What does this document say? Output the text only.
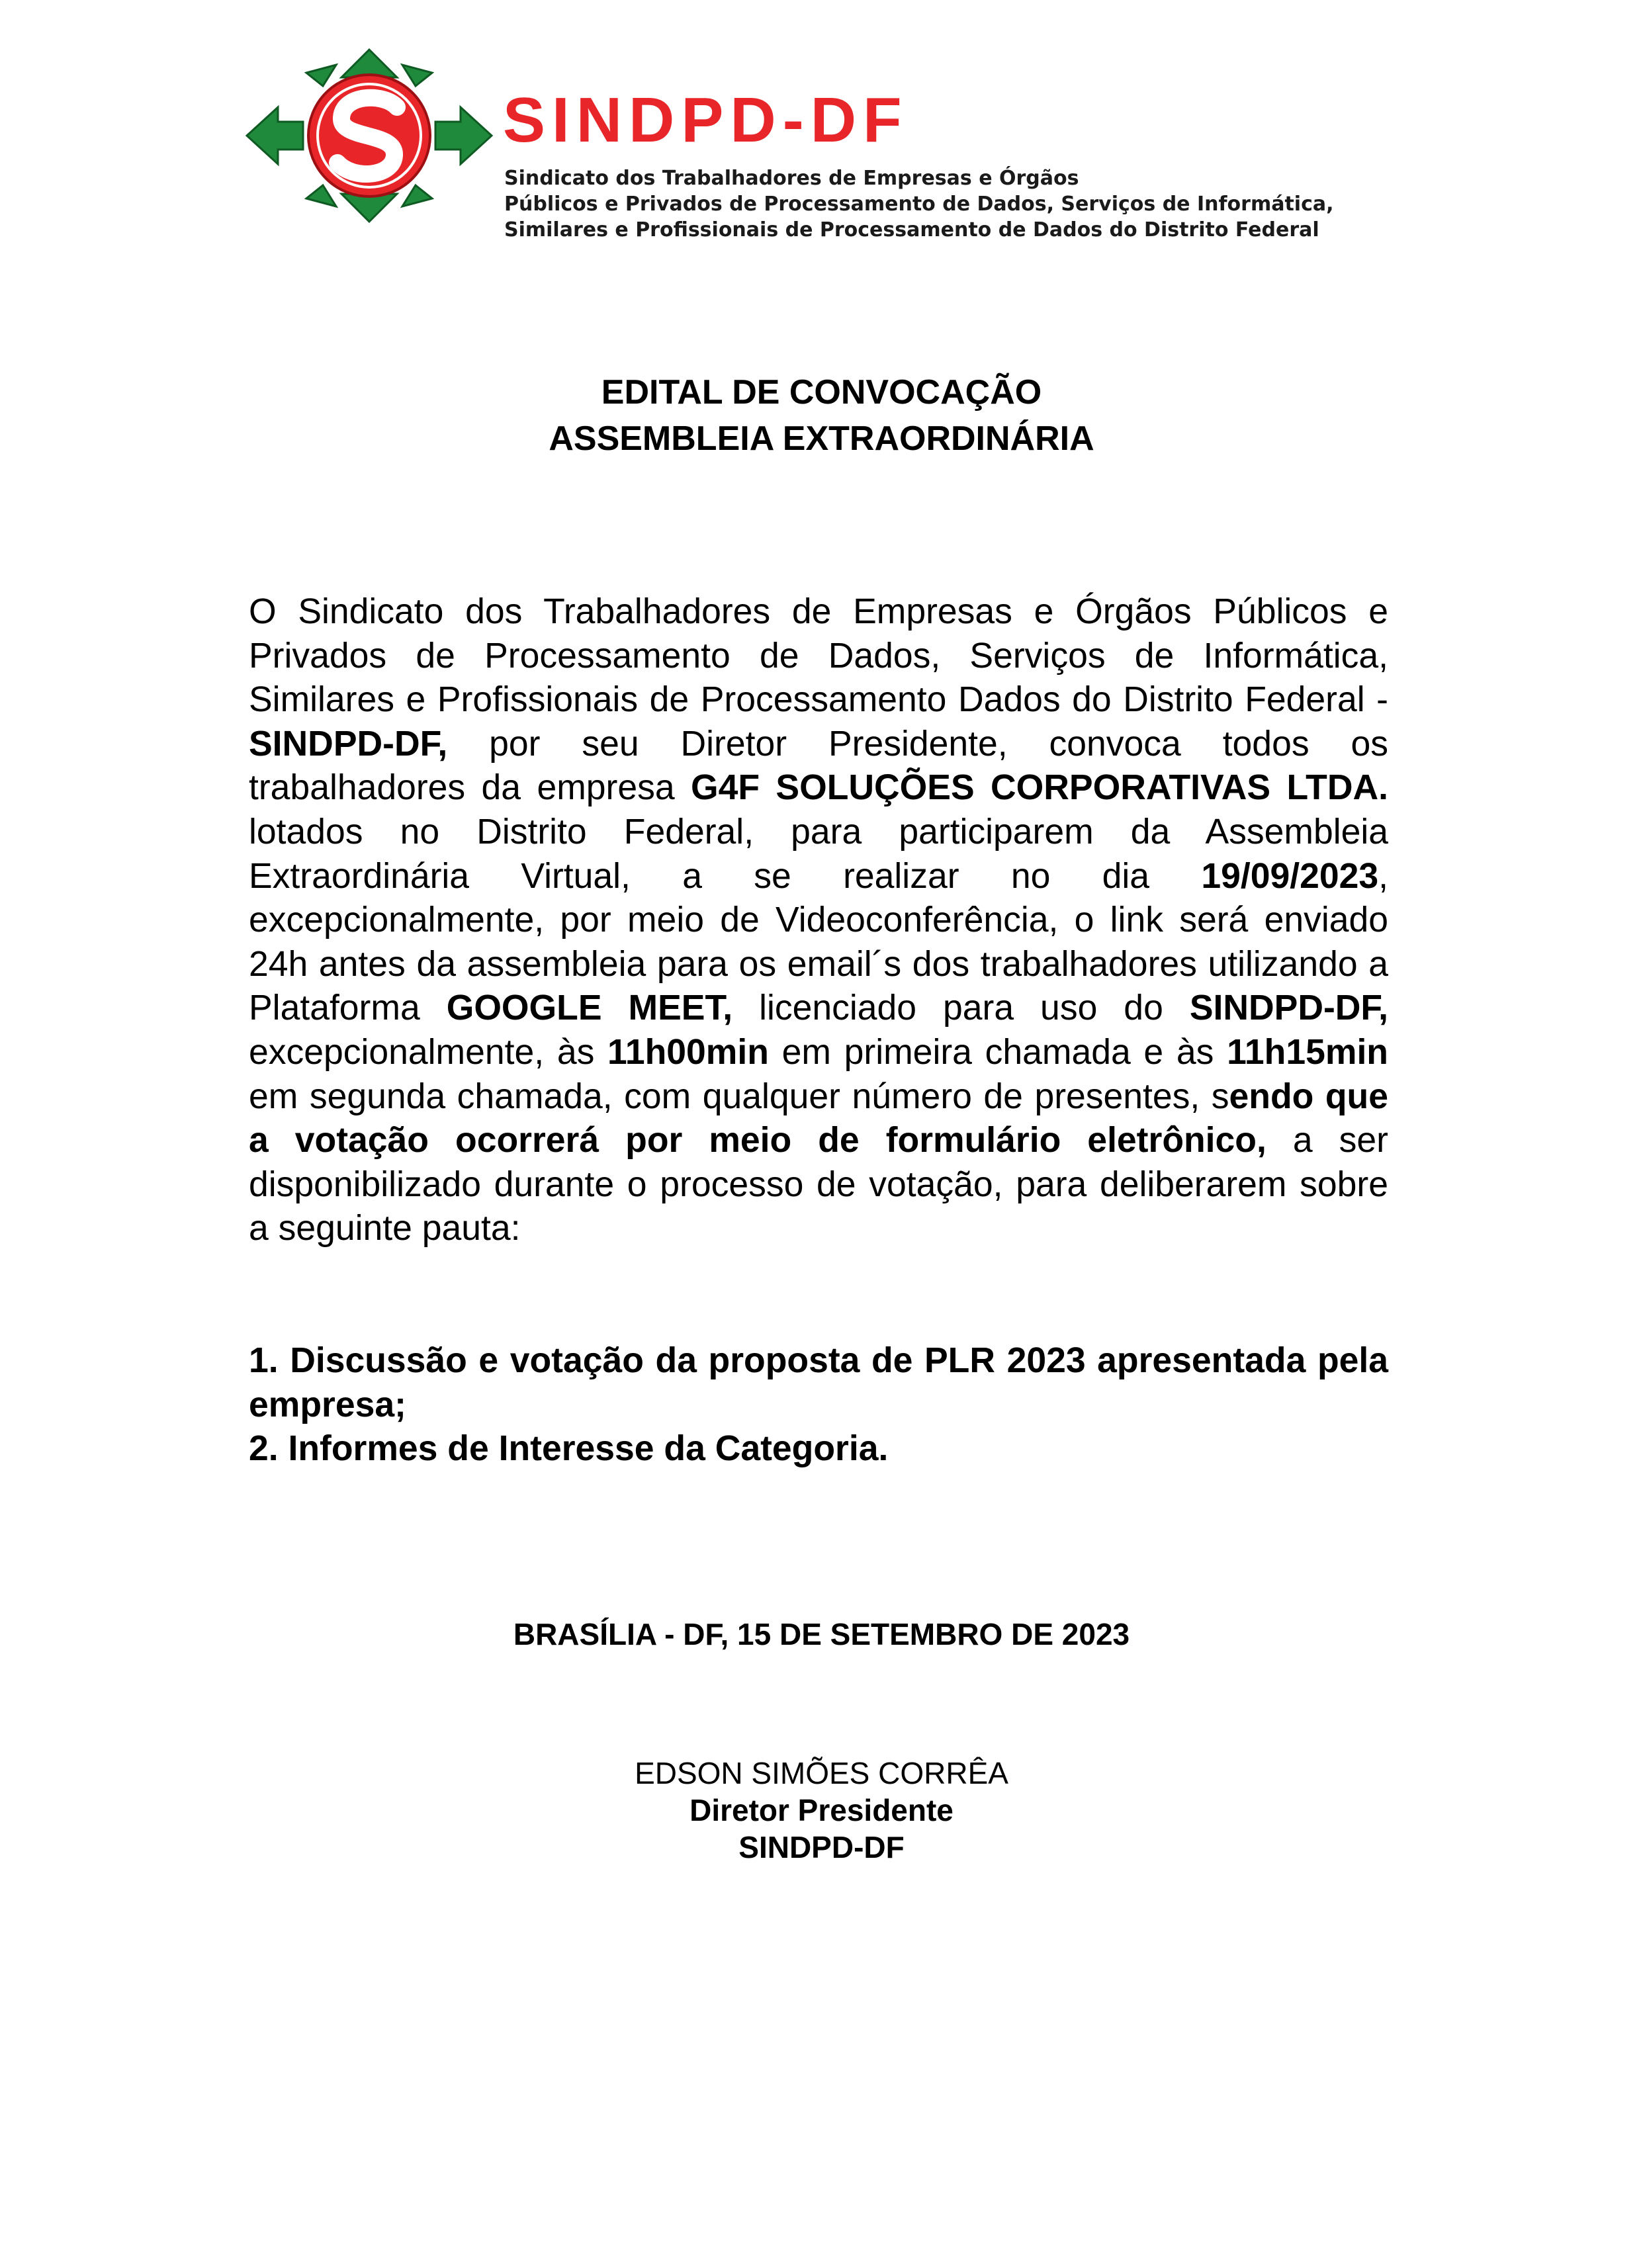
SINDPD-DF
Sindicato dos Trabalhadores de Empresas e Órgãos
Públicos e Privados de Processamento de Dados, Serviços de Informática,
Similares e Profissionais de Processamento de Dados do Distrito Federal
EDITAL DE CONVOCAÇÃO
ASSEMBLEIA EXTRAORDINÁRIA
O Sindicato dos Trabalhadores de Empresas e Órgãos Públicos e Privados de Processamento de Dados, Serviços de Informática, Similares e Profissionais de Processamento Dados do Distrito Federal - SINDPD-DF, por seu Diretor Presidente, convoca todos os trabalhadores da empresa G4F SOLUÇÕES CORPORATIVAS LTDA. lotados no Distrito Federal, para participarem da Assembleia Extraordinária Virtual, a se realizar no dia 19/09/2023, excepcionalmente, por meio de Videoconferência, o link será enviado 24h antes da assembleia para os email´s dos trabalhadores utilizando a Plataforma GOOGLE MEET, licenciado para uso do SINDPD-DF, excepcionalmente, às 11h00min em primeira chamada e às 11h15min em segunda chamada, com qualquer número de presentes, sendo que a votação ocorrerá por meio de formulário eletrônico, a ser disponibilizado durante o processo de votação, para deliberarem sobre a seguinte pauta:
1. Discussão e votação da proposta de PLR 2023 apresentada pela empresa;
2. Informes de Interesse da Categoria.
BRASÍLIA - DF, 15 DE SETEMBRO DE 2023
EDSON SIMÕES CORRÊA
Diretor Presidente
SINDPD-DF
